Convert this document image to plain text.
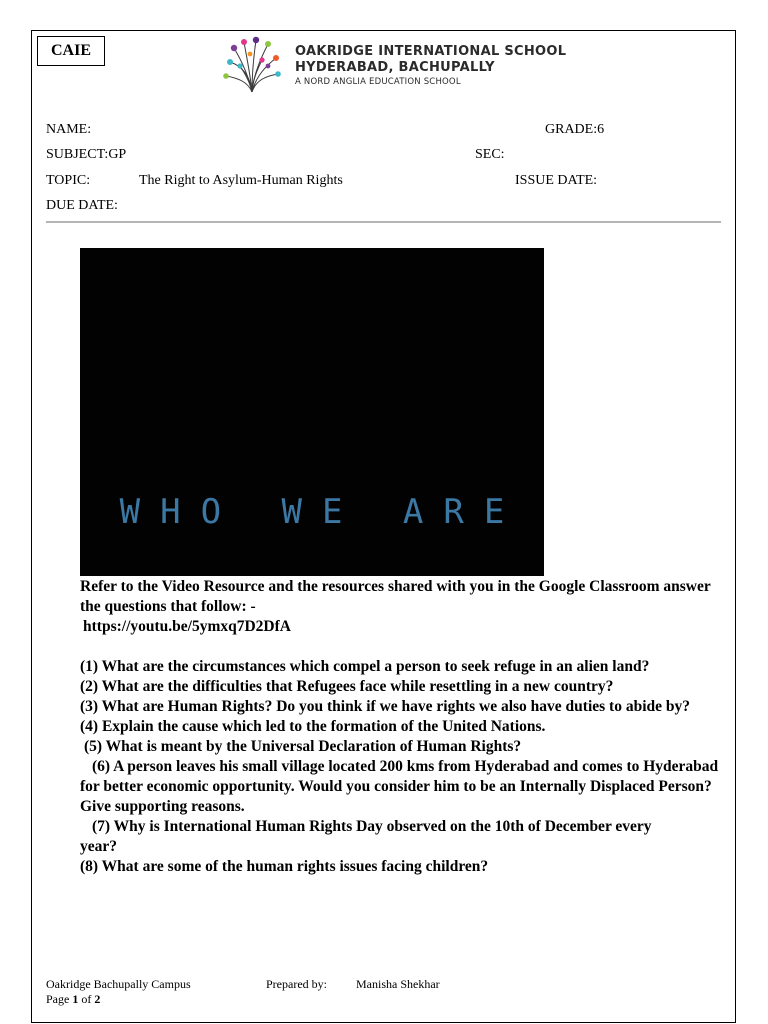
CAIE	OAKRIDGE INTERNATIONAL SCHOOL
HYDERABAD, BACHUPALLY
A NORD ANGLIA EDUCATION SCHOOL
NAME:	GRADE:6
SUBJECT:GP	SEC:
TOPIC:	The Right to Asylum-Human Rights	ISSUE DATE:
DUE DATE:
WHO WE ARE

Refer to the Video Resource and the resources shared with you in the Google Classroom answer the questions that follow: -

https://youtu.be/5ymxq7D2DfA

(1) What are the circumstances which compel a person to seek refuge in an alien land?

(2) What are the difficulties that Refugees face while resettling in a new country?

(3) What are Human Rights? Do you think if we have rights we also have duties to abide by?

(4) Explain the cause which led to the formation of the United Nations.

(5) What is meant by the Universal Declaration of Human Rights?

(6) A person leaves his small village located 200 kms from Hyderabad and comes to Hyderabad for better economic opportunity. Would you consider him to be an Internally Displaced Person? Give supporting reasons.

(7) Why is International Human Rights Day observed on the 10th of December every year?

(8) What are some of the human rights issues facing children?

Oakridge Bachupally Campus	Prepared by: Manisha Shekhar
Page 1 of 2
